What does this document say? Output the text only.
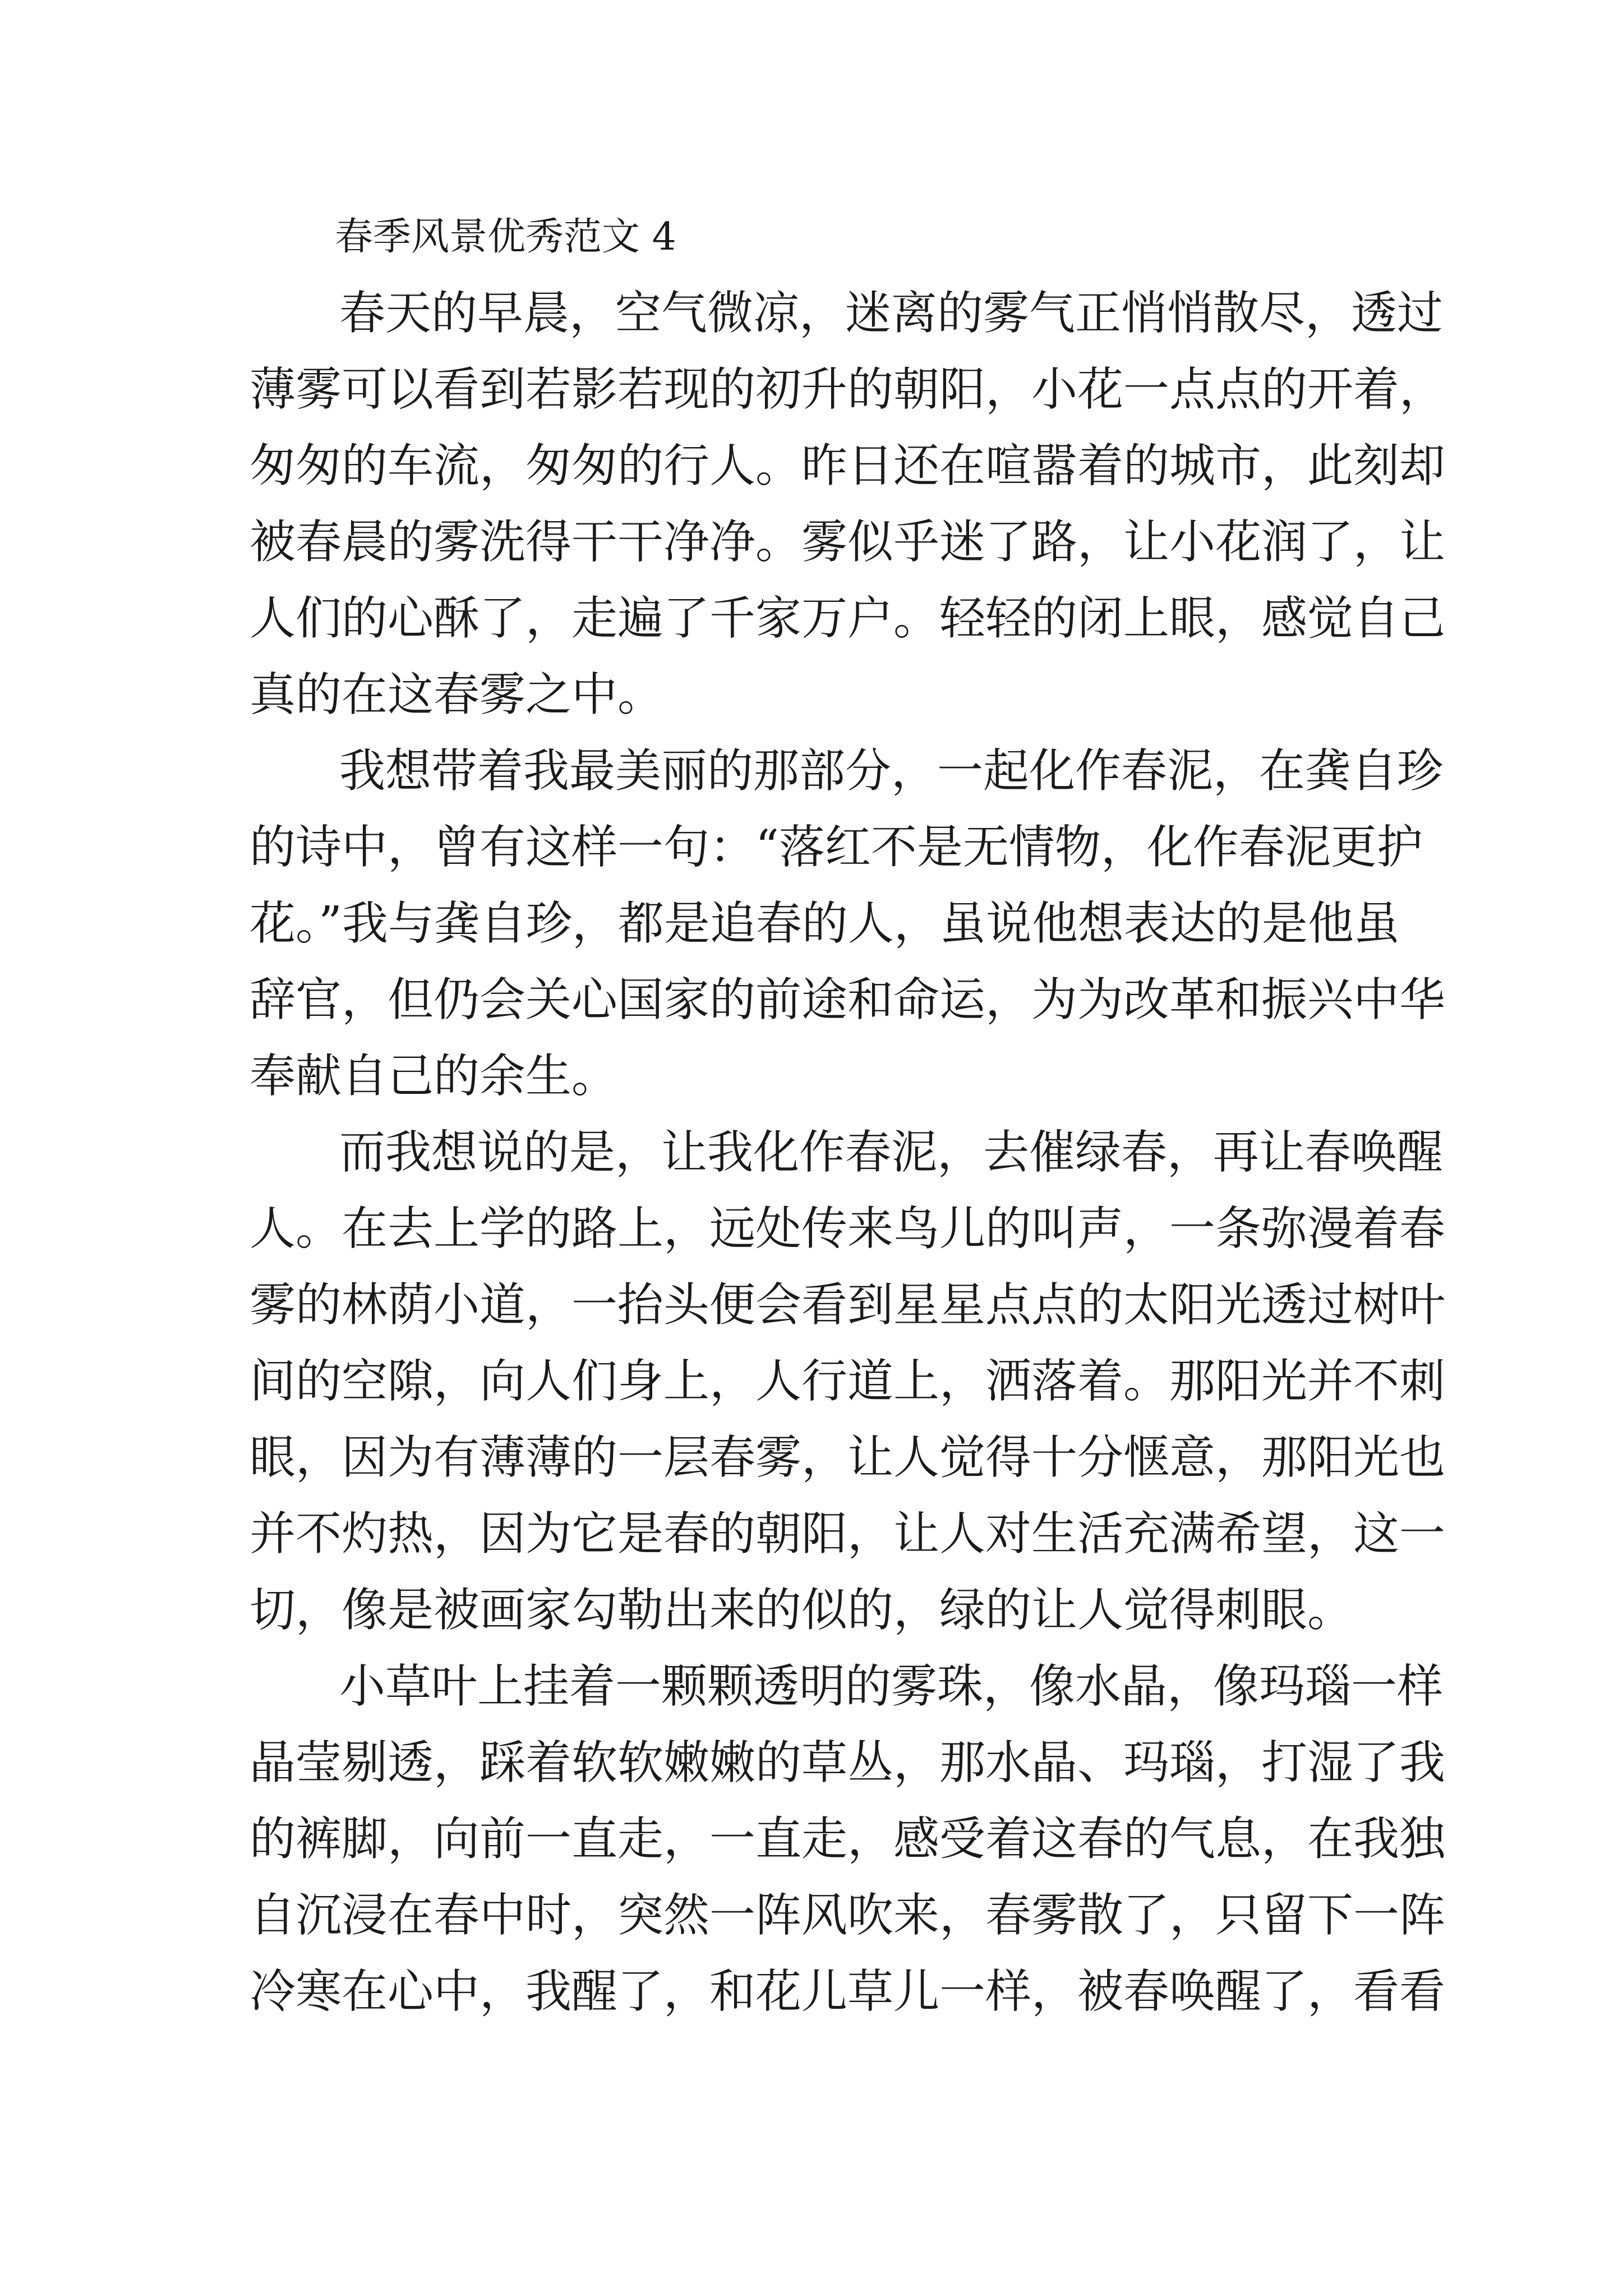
春季风景优秀范文 4
春天的早晨，空气微凉，迷离的雾气正悄悄散尽，透过
薄雾可以看到若影若现的初升的朝阳，小花一点点的开着，
匆匆的车流，匆匆的行人。昨日还在喧嚣着的城市，此刻却
被春晨的雾洗得干干净净。雾似乎迷了路，让小花润了，让
人们的心酥了，走遍了千家万户。轻轻的闭上眼，感觉自己
真的在这春雾之中。
我想带着我最美丽的那部分，一起化作春泥，在龚自珍
的诗中，曾有这样一句：“落红不是无情物，化作春泥更护
花。”我与龚自珍，都是追春的人，虽说他想表达的是他虽
辞官，但仍会关心国家的前途和命运，为为改革和振兴中华
奉献自己的余生。
而我想说的是，让我化作春泥，去催绿春，再让春唤醒
人。在去上学的路上，远处传来鸟儿的叫声，一条弥漫着春
雾的林荫小道，一抬头便会看到星星点点的太阳光透过树叶
间的空隙，向人们身上，人行道上，洒落着。那阳光并不刺
眼，因为有薄薄的一层春雾，让人觉得十分惬意，那阳光也
并不灼热，因为它是春的朝阳，让人对生活充满希望，这一
切，像是被画家勾勒出来的似的，绿的让人觉得刺眼。
小草叶上挂着一颗颗透明的雾珠，像水晶，像玛瑙一样
晶莹剔透，踩着软软嫩嫩的草丛，那水晶、玛瑙，打湿了我
的裤脚，向前一直走，一直走，感受着这春的气息，在我独
自沉浸在春中时，突然一阵风吹来，春雾散了，只留下一阵
冷寒在心中，我醒了，和花儿草儿一样，被春唤醒了，看看
